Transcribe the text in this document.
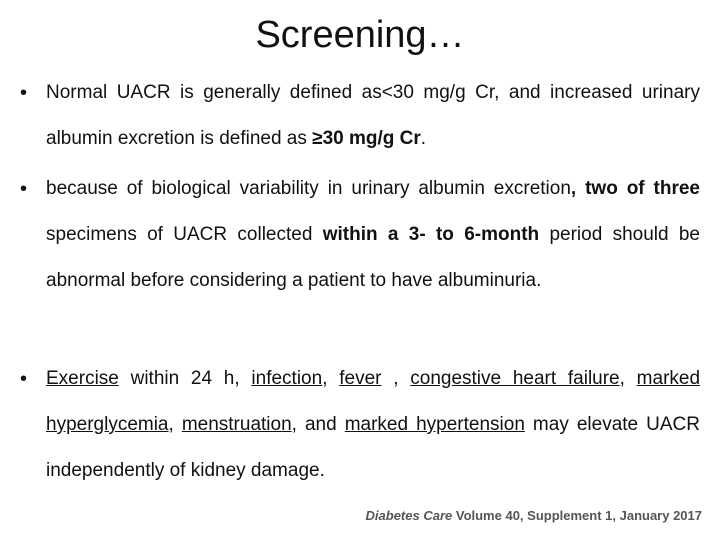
Screening…
• Normal UACR is generally defined as<30 mg/g Cr, and increased urinary albumin excretion is defined as ≥30 mg/g Cr.
• because of biological variability in urinary albumin excretion, two of three specimens of UACR collected within a 3- to 6-month period should be abnormal before considering a patient to have albuminuria.
• Exercise within 24 h, infection, fever , congestive heart failure, marked hyperglycemia, menstruation, and marked hypertension may elevate UACR independently of kidney damage.
Diabetes Care Volume 40, Supplement 1, January 2017
